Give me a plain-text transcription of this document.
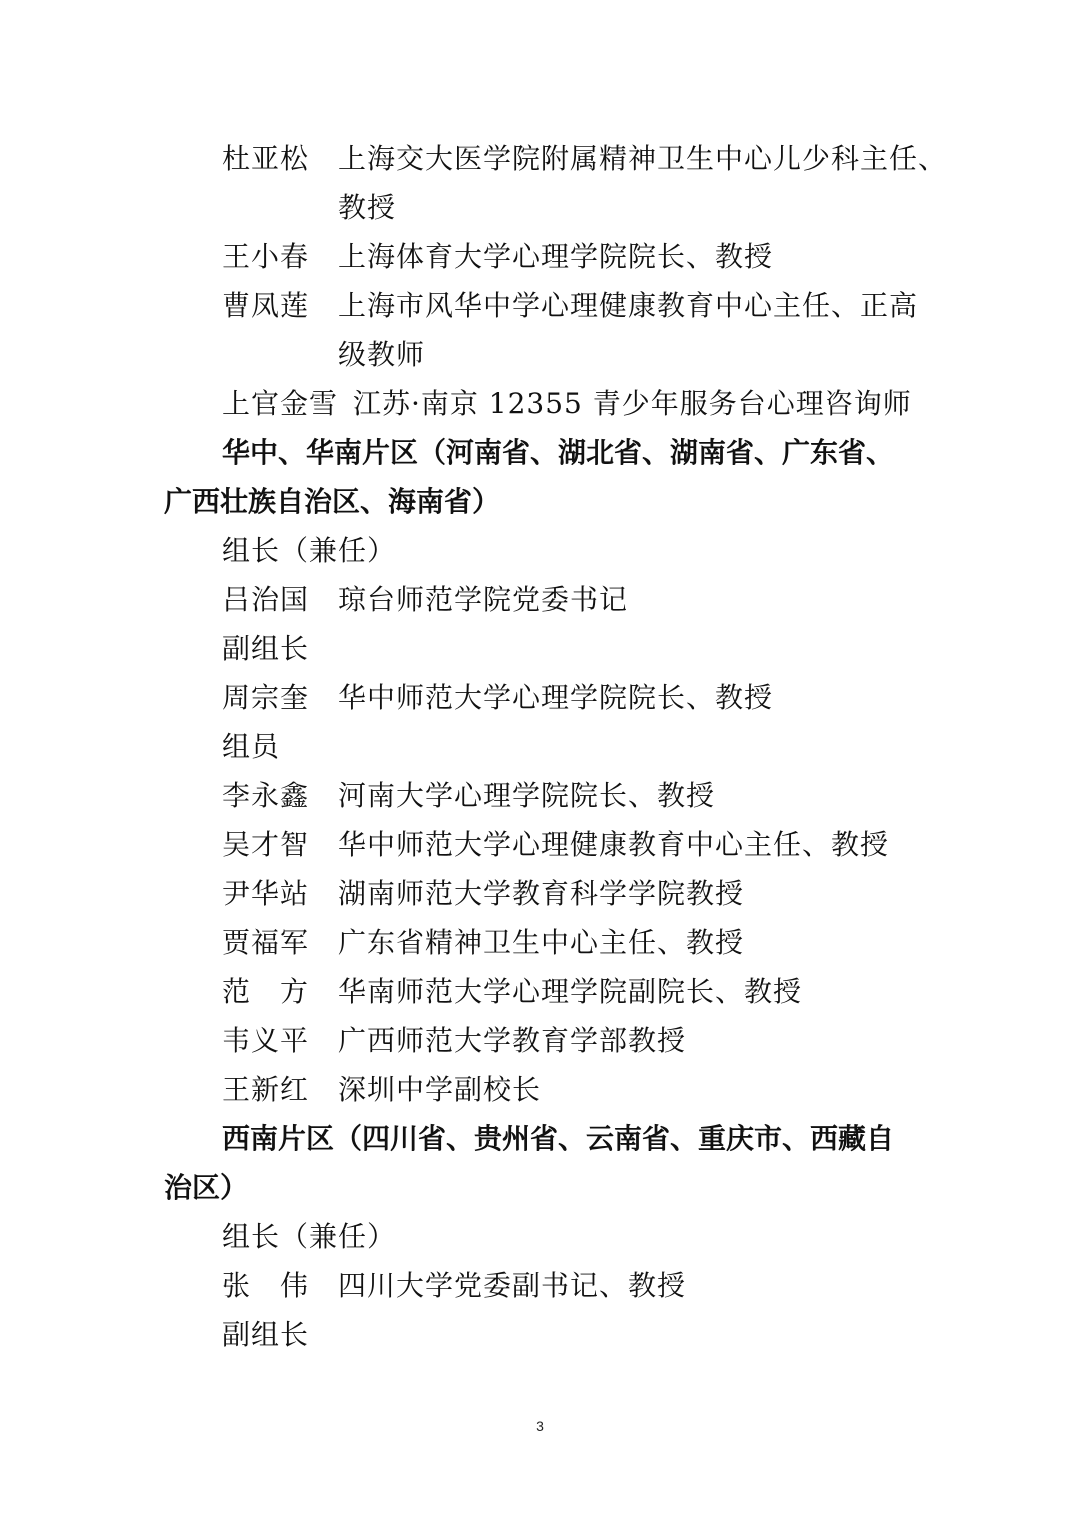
杜亚松 上海交大医学院附属精神卫生中心儿少科主任、
教授
王小春 上海体育大学心理学院院长、教授
曹凤莲 上海市风华中学心理健康教育中心主任、正高
级教师
上官金雪 江苏·南京 12355 青少年服务台心理咨询师
华中、华南片区（河南省、湖北省、湖南省、广东省、
广西壮族自治区、海南省）
组长（兼任）
吕治国 琼台师范学院党委书记
副组长
周宗奎 华中师范大学心理学院院长、教授
组员
李永鑫 河南大学心理学院院长、教授
吴才智 华中师范大学心理健康教育中心主任、教授
尹华站 湖南师范大学教育科学学院教授
贾福军 广东省精神卫生中心主任、教授
范　方 华南师范大学心理学院副院长、教授
韦义平 广西师范大学教育学部教授
王新红 深圳中学副校长
西南片区（四川省、贵州省、云南省、重庆市、西藏自
治区）
组长（兼任）
张　伟 四川大学党委副书记、教授
副组长
3
